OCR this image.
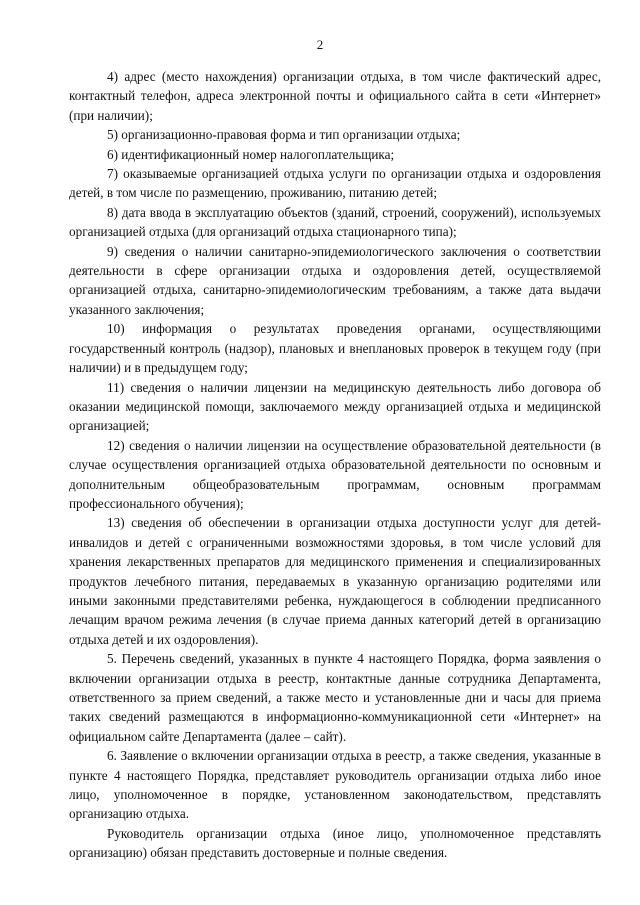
2

4) адрес (место нахождения) организации отдыха, в том числе фактический адрес, контактный телефон, адреса электронной почты и официального сайта в сети «Интернет» (при наличии);

5) организационно-правовая форма и тип организации отдыха;

6) идентификационный номер налогоплательщика;

7) оказываемые организацией отдыха услуги по организации отдыха и оздоровления детей, в том числе по размещению, проживанию, питанию детей;

8) дата ввода в эксплуатацию объектов (зданий, строений, сооружений), используемых организацией отдыха (для организаций отдыха стационарного типа);

9) сведения о наличии санитарно-эпидемиологического заключения о соответствии деятельности в сфере организации отдыха и оздоровления детей, осуществляемой организацией отдыха, санитарно-эпидемиологическим требованиям, а также дата выдачи указанного заключения;

10) информация о результатах проведения органами, осуществляющими государственный контроль (надзор), плановых и внеплановых проверок в текущем году (при наличии) и в предыдущем году;

11) сведения о наличии лицензии на медицинскую деятельность либо договора об оказании медицинской помощи, заключаемого между организацией отдыха и медицинской организацией;

12) сведения о наличии лицензии на осуществление образовательной деятельности (в случае осуществления организацией отдыха образовательной деятельности по основным и дополнительным общеобразовательным программам, основным программам профессионального обучения);

13) сведения об обеспечении в организации отдыха доступности услуг для детей-инвалидов и детей с ограниченными возможностями здоровья, в том числе условий для хранения лекарственных препаратов для медицинского применения и специализированных продуктов лечебного питания, передаваемых в указанную организацию родителями или иными законными представителями ребенка, нуждающегося в соблюдении предписанного лечащим врачом режима лечения (в случае приема данных категорий детей в организацию отдыха детей и их оздоровления).

5. Перечень сведений, указанных в пункте 4 настоящего Порядка, форма заявления о включении организации отдыха в реестр, контактные данные сотрудника Департамента, ответственного за прием сведений, а также место и установленные дни и часы для приема таких сведений размещаются в информационно-коммуникационной сети «Интернет» на официальном сайте Департамента (далее – сайт).

6. Заявление о включении организации отдыха в реестр, а также сведения, указанные в пункте 4 настоящего Порядка, представляет руководитель организации отдыха либо иное лицо, уполномоченное в порядке, установленном законодательством, представлять организацию отдыха.

Руководитель организации отдыха (иное лицо, уполномоченное представлять организацию) обязан представить достоверные и полные сведения.
